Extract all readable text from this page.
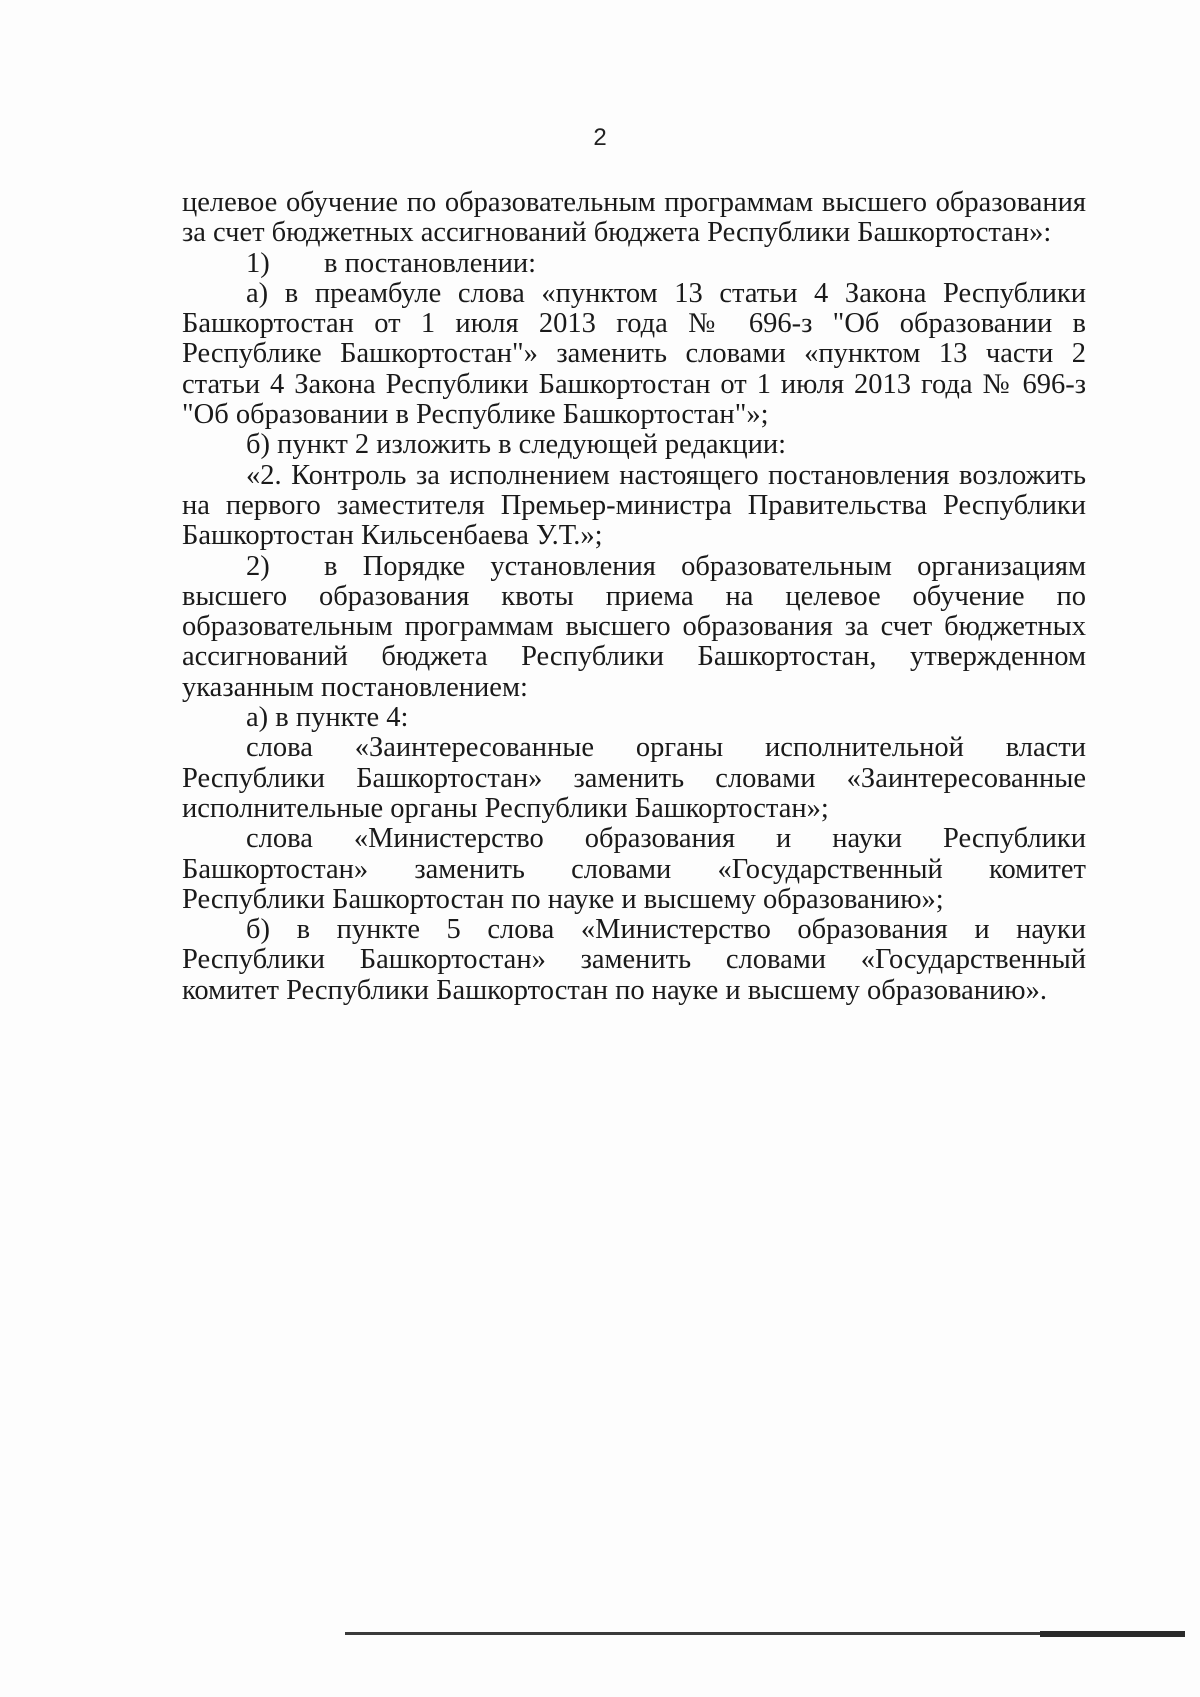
2
целевое обучение по образовательным программам высшего образования
за счет бюджетных ассигнований бюджета Республики Башкортостан»:
1) в постановлении:
а) в преамбуле слова «пунктом 13 статьи 4 Закона Республики
Башкортостан от 1 июля 2013 года № 696-з "Об образовании в
Республике Башкортостан"» заменить словами «пунктом 13 части 2
статьи 4 Закона Республики Башкортостан от 1 июля 2013 года № 696-з
"Об образовании в Республике Башкортостан"»;
б) пункт 2 изложить в следующей редакции:
«2. Контроль за исполнением настоящего постановления возложить
на первого заместителя Премьер-министра Правительства Республики
Башкортостан Кильсенбаева У.Т.»;
2)	в Порядке установления образовательным организациям
высшего образования квоты приема на целевое обучение по
образовательным программам высшего образования за счет бюджетных
ассигнований бюджета Республики Башкортостан, утвержденном
указанным постановлением:
а) в пункте 4:
слова «Заинтересованные органы исполнительной власти
Республики Башкортостан» заменить словами «Заинтересованные
исполнительные органы Республики Башкортостан»;
слова «Министерство образования и науки Республики
Башкортостан» заменить словами «Государственный комитет
Республики Башкортостан по науке и высшему образованию»;
б) в пункте 5 слова «Министерство образования и науки
Республики Башкортостан» заменить словами «Государственный
комитет Республики Башкортостан по науке и высшему образованию».
